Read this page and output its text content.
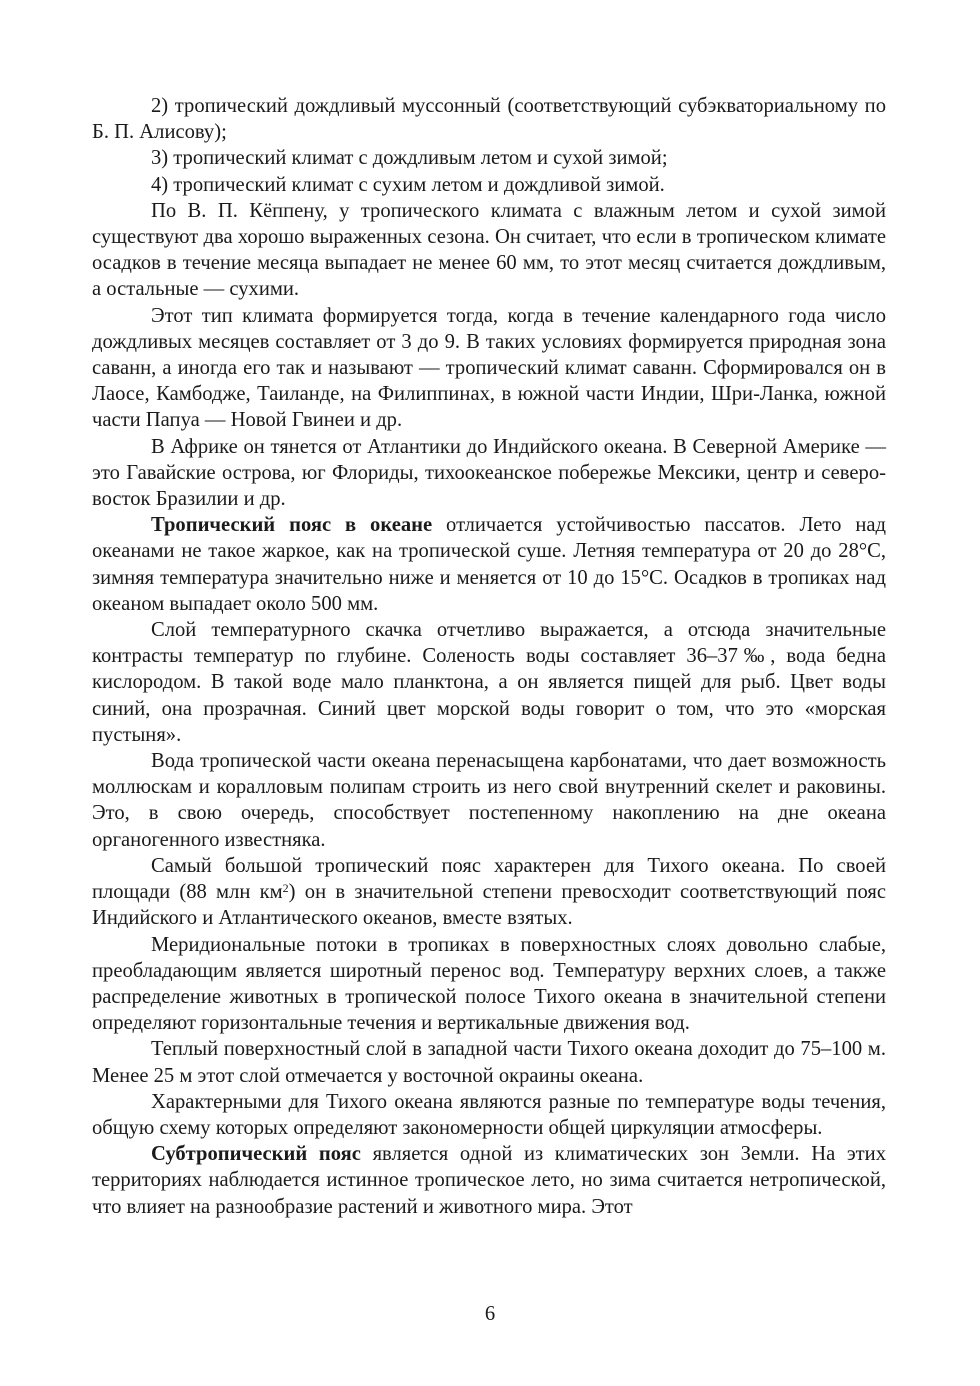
2) тропический дождливый муссонный (соответствующий субэкваториальному по Б. П. Алисову);

3) тропический климат с дождливым летом и сухой зимой;

4) тропический климат с сухим летом и дождливой зимой.

По В. П. Кёппену, у тропического климата с влажным летом и сухой зимой существуют два хорошо выраженных сезона. Он считает, что если в тропическом климате осадков в течение месяца выпадает не менее 60 мм, то этот месяц считается дождливым, а остальные — сухими.

Этот тип климата формируется тогда, когда в течение календарного года число дождливых месяцев составляет от 3 до 9. В таких условиях формируется природная зона саванн, а иногда его так и называют — тропический климат саванн. Сформировался он в Лаосе, Камбодже, Таиланде, на Филиппинах, в южной части Индии, Шри-Ланка, южной части Папуа — Новой Гвинеи и др.

В Африке он тянется от Атлантики до Индийского океана. В Северной Америке — это Гавайские острова, юг Флориды, тихоокеанское побережье Мексики, центр и северо-восток Бразилии и др.

Тропический пояс в океане отличается устойчивостью пассатов. Лето над океанами не такое жаркое, как на тропической суше. Летняя температура от 20 до 28°С, зимняя температура значительно ниже и меняется от 10 до 15°С. Осадков в тропиках над океаном выпадает около 500 мм.

Слой температурного скачка отчетливо выражается, а отсюда значительные контрасты температур по глубине. Соленость воды составляет 36–37‰, вода бедна кислородом. В такой воде мало планктона, а он является пищей для рыб. Цвет воды синий, она прозрачная. Синий цвет морской воды говорит о том, что это «морская пустыня».

Вода тропической части океана перенасыщена карбонатами, что дает возможность моллюскам и коралловым полипам строить из него свой внутренний скелет и раковины. Это, в свою очередь, способствует постепенному накоплению на дне океана органогенного известняка.

Самый большой тропический пояс характерен для Тихого океана. По своей площади (88 млн $км^2$) он в значительной степени превосходит соответствующий пояс Индийского и Атлантического океанов, вместе взятых.

Меридиональные потоки в тропиках в поверхностных слоях довольно слабые, преобладающим является широтный перенос вод. Температуру верхних слоев, а также распределение животных в тропической полосе Тихого океана в значительной степени определяют горизонтальные течения и вертикальные движения вод.

Теплый поверхностный слой в западной части Тихого океана доходит до 75–100 м. Менее 25 м этот слой отмечается у восточной окраины океана.

Характерными для Тихого океана являются разные по температуре воды течения, общую схему которых определяют закономерности общей циркуляции атмосферы.

Субтропический пояс является одной из климатических зон Земли. На этих территориях наблюдается истинное тропическое лето, но зима считается нетропической, что влияет на разнообразие растений и животного мира. Этот

6
